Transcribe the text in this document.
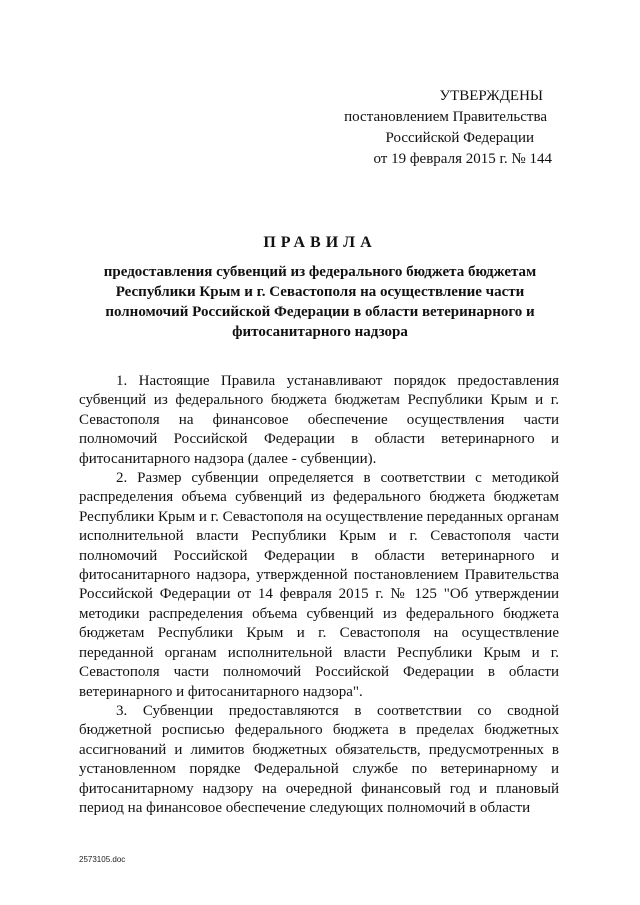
УТВЕРЖДЕНЫ
постановлением Правительства
Российской Федерации
от 19 февраля 2015 г. № 144
ПРАВИЛА
предоставления субвенций из федерального бюджета бюджетам Республики Крым и г. Севастополя на осуществление части полномочий Российской Федерации в области ветеринарного и фитосанитарного надзора

1. Настоящие Правила устанавливают порядок предоставления субвенций из федерального бюджета бюджетам Республики Крым и г. Севастополя на финансовое обеспечение осуществления части полномочий Российской Федерации в области ветеринарного и фитосанитарного надзора (далее - субвенции).

2. Размер субвенции определяется в соответствии с методикой распределения объема субвенций из федерального бюджета бюджетам Республики Крым и г. Севастополя на осуществление переданных органам исполнительной власти Республики Крым и г. Севастополя части полномочий Российской Федерации в области ветеринарного и фитосанитарного надзора, утвержденной постановлением Правительства Российской Федерации от 14 февраля 2015 г. № 125 "Об утверждении методики распределения объема субвенций из федерального бюджета бюджетам Республики Крым и г. Севастополя на осуществление переданной органам исполнительной власти Республики Крым и г. Севастополя части полномочий Российской Федерации в области ветеринарного и фитосанитарного надзора".

3. Субвенции предоставляются в соответствии со сводной бюджетной росписью федерального бюджета в пределах бюджетных ассигнований и лимитов бюджетных обязательств, предусмотренных в установленном порядке Федеральной службе по ветеринарному и фитосанитарному надзору на очередной финансовый год и плановый период на финансовое обеспечение следующих полномочий в области

2573105.doc
